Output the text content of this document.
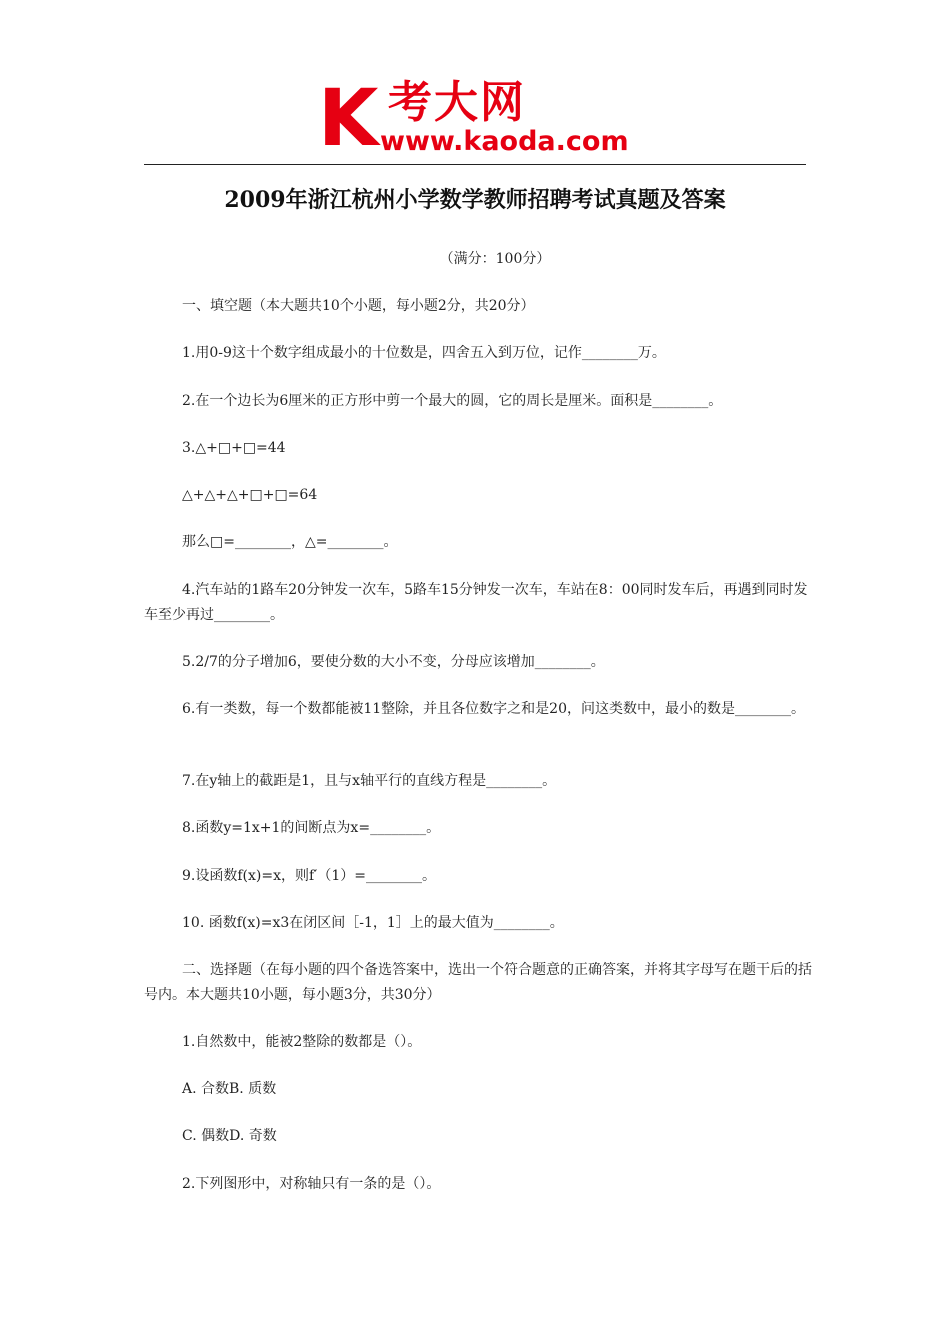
K 考大网
www.kaoda.com
2009年浙江杭州小学数学教师招聘考试真题及答案

（满分：100分）

一、填空题（本大题共10个小题，每小题2分，共20分）

1.用0-9这十个数字组成最小的十位数是，四舍五入到万位，记作________万。

2.在一个边长为6厘米的正方形中剪一个最大的圆，它的周长是厘米。面积是________。

3.△+□+□=44

△+△+△+□+□=64

那么□=________，△=________。

4.汽车站的1路车20分钟发一次车，5路车15分钟发一次车，车站在8：00同时发车后，再遇到同时发车至少再过________。

5.2/7的分子增加6，要使分数的大小不变，分母应该增加________。

6.有一类数，每一个数都能被11整除，并且各位数字之和是20，问这类数中，最小的数是________。

7.在y轴上的截距是1，且与x轴平行的直线方程是________。

8.函数y=1x+1的间断点为x=________。

9.设函数f(x)=x，则f′（1）=________。

10. 函数f(x)=x3在闭区间［-1，1］上的最大值为________。

二、选择题（在每小题的四个备选答案中，选出一个符合题意的正确答案，并将其字母写在题干后的括号内。本大题共10小题，每小题3分，共30分）

1.自然数中，能被2整除的数都是（）。

A. 合数B. 质数

C. 偶数D. 奇数

2.下列图形中，对称轴只有一条的是（）。
